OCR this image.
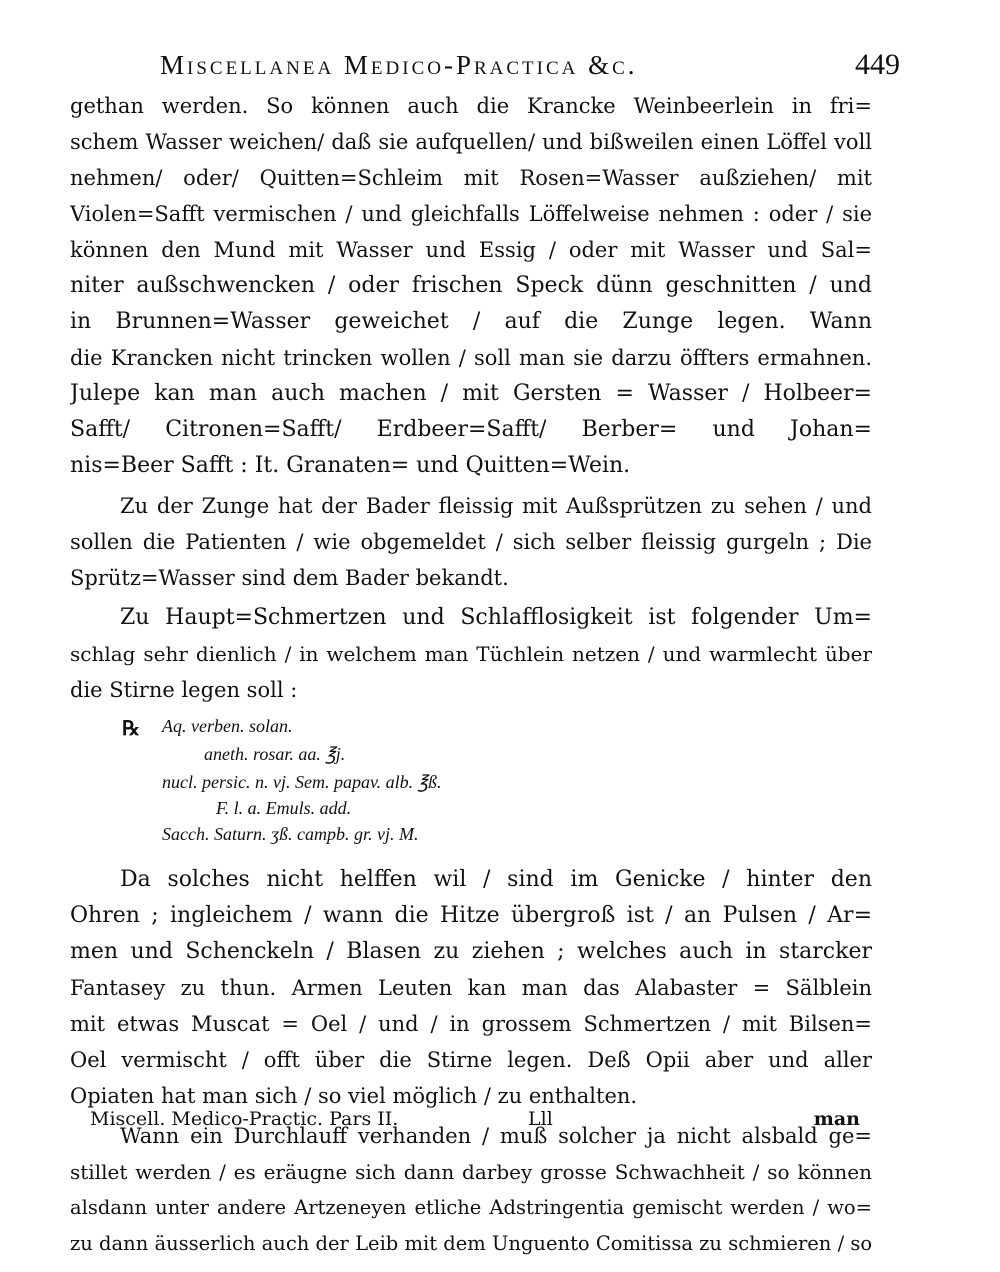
Miscellanea Medico-Practica &c.	449
gethan werden. So können auch die Krancke Weinbeerlein in fri=
schem Wasser weichen/ daß sie aufquellen/ und bißweilen einen Löffel voll
nehmen/ oder/ Quitten=Schleim mit Rosen=Wasser außziehen/ mit
Violen=Safft vermischen / und gleichfalls Löffelweise nehmen : oder / sie
können den Mund mit Wasser und Essig / oder mit Wasser und Sal=
niter außschwencken / oder frischen Speck dünn geschnitten / und
in Brunnen=Wasser geweichet / auf die Zunge legen. Wann
die Krancken nicht trincken wollen / soll man sie darzu öffters ermahnen.
Julepe kan man auch machen / mit Gersten = Wasser / Holbeer=
Safft/ Citronen=Safft/ Erdbeer=Safft/ Berber= und Johan=
nis=Beer Safft : It. Granaten= und Quitten=Wein.
Zu der Zunge hat der Bader fleissig mit Außsprützen zu sehen / und
sollen die Patienten / wie obgemeldet / sich selber fleissig gurgeln ; Die
Sprütz=Wasser sind dem Bader bekandt.
Zu Haupt=Schmertzen und Schlafflosigkeit ist folgender Um=
schlag sehr dienlich / in welchem man Tüchlein netzen / und warmlecht über
die Stirne legen soll :
℞ Aq. verben. solan.
aneth. rosar. aa. ℥j.
nucl. persic. n. vj. Sem. papav. alb. ℥ß.
F. l. a. Emuls. add.
Sacch. Saturn. ʒß. campb. gr. vj. M.
Da solches nicht helffen wil / sind im Genicke / hinter den
Ohren ; ingleichem / wann die Hitze übergroß ist / an Pulsen / Ar=
men und Schenckeln / Blasen zu ziehen ; welches auch in starcker
Fantasey zu thun. Armen Leuten kan man das Alabaster = Sälblein
mit etwas Muscat = Oel / und / in grossem Schmertzen / mit Bilsen=
Oel vermischt / offt über die Stirne legen. Deß Opii aber und aller
Opiaten hat man sich / so viel möglich / zu enthalten.
Wann ein Durchlauff verhanden / muß solcher ja nicht alsbald ge=
stillet werden / es eräugne sich dann darbey grosse Schwachheit / so können
alsdann unter andere Artzeneyen etliche Adstringentia gemischt werden / wo=
zu dann äusserlich auch der Leib mit dem Unguento Comitissa zu schmieren / so
Miscell. Medico-Practic. Pars II.	Lll	man
